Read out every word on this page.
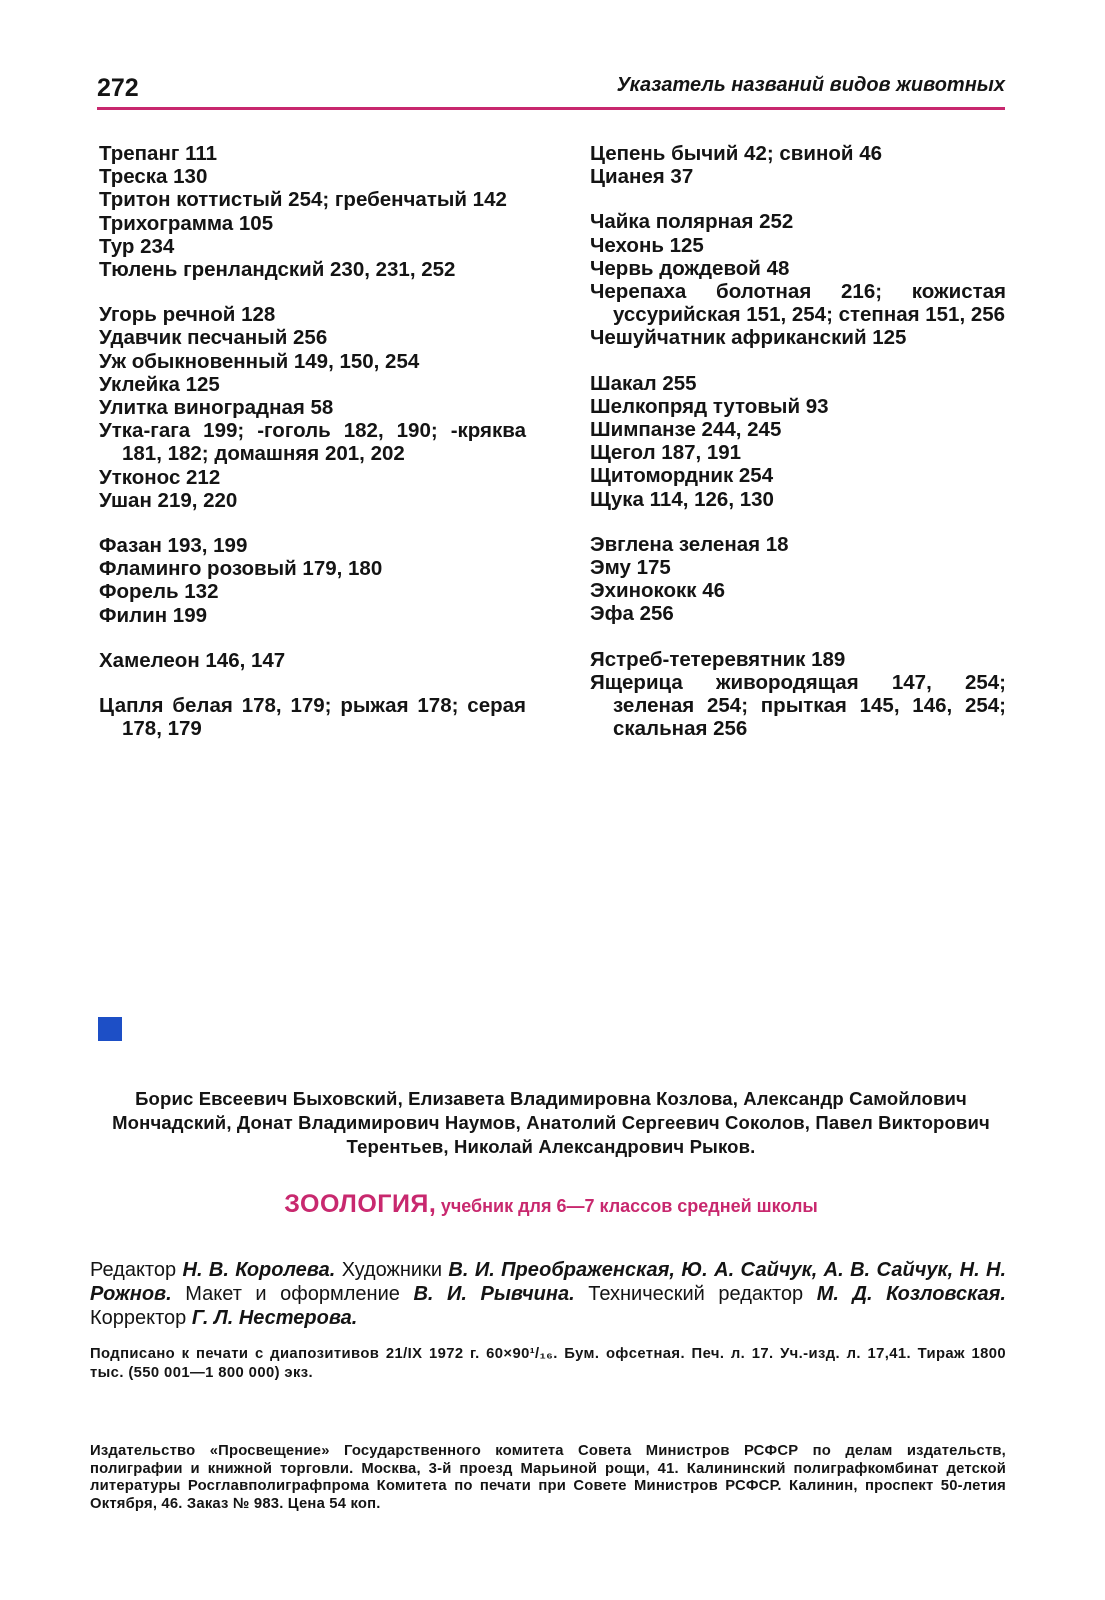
272	Указатель названий видов животных
Трепанг 111
Треска 130
Тритон коттистый 254; гребенчатый 142
Трихограмма 105
Тур 234
Тюлень гренландский 230, 231, 252
Угорь речной 128
Удавчик песчаный 256
Уж обыкновенный 149, 150, 254
Уклейка 125
Улитка виноградная 58
Утка-гага 199; -гоголь 182, 190; -кряква 181, 182; домашняя 201, 202
Утконос 212
Ушан 219, 220
Фазан 193, 199
Фламинго розовый 179, 180
Форель 132
Филин 199
Хамелеон 146, 147
Цапля белая 178, 179; рыжая 178; серая 178, 179
Цепень бычий 42; свиной 46
Цианея 37
Чайка полярная 252
Чехонь 125
Червь дождевой 48
Черепаха болотная 216; кожистая уссурийская 151, 254; степная 151, 256
Чешуйчатник африканский 125
Шакал 255
Шелкопряд тутовый 93
Шимпанзе 244, 245
Щегол 187, 191
Щитомордник 254
Щука 114, 126, 130
Эвглена зеленая 18
Эму 175
Эхинококк 46
Эфа 256
Ястреб-тетеревятник 189
Ящерица живородящая 147, 254; зеленая 254; прыткая 145, 146, 254; скальная 256
Борис Евсеевич Быховский, Елизавета Владимировна Козлова, Александр Самойлович Мончадский, Донат Владимирович Наумов, Анатолий Сергеевич Соколов, Павел Викторович Терентьев, Николай Александрович Рыков.
ЗООЛОГИЯ, учебник для 6—7 классов средней школы
Редактор Н. В. Королева. Художники В. И. Преображенская, Ю. А. Сайчук, А. В. Сайчук, Н. Н. Рожнов. Макет и оформление В. И. Рывчина. Технический редактор М. Д. Козловская. Корректор Г. Л. Нестерова.
Подписано к печати с диапозитивов 21/IX 1972 г. 60×90¹/₁₆. Бум. офсетная. Печ. л. 17. Уч.-изд. л. 17,41. Тираж 1800 тыс. (550 001—1 800 000) экз.
Издательство «Просвещение» Государственного комитета Совета Министров РСФСР по делам издательств, полиграфии и книжной торговли. Москва, 3-й проезд Марьиной рощи, 41. Калининский полиграфкомбинат детской литературы Росглавполиграфпрома Комитета по печати при Совете Министров РСФСР. Калинин, проспект 50-летия Октября, 46. Заказ № 983. Цена 54 коп.
